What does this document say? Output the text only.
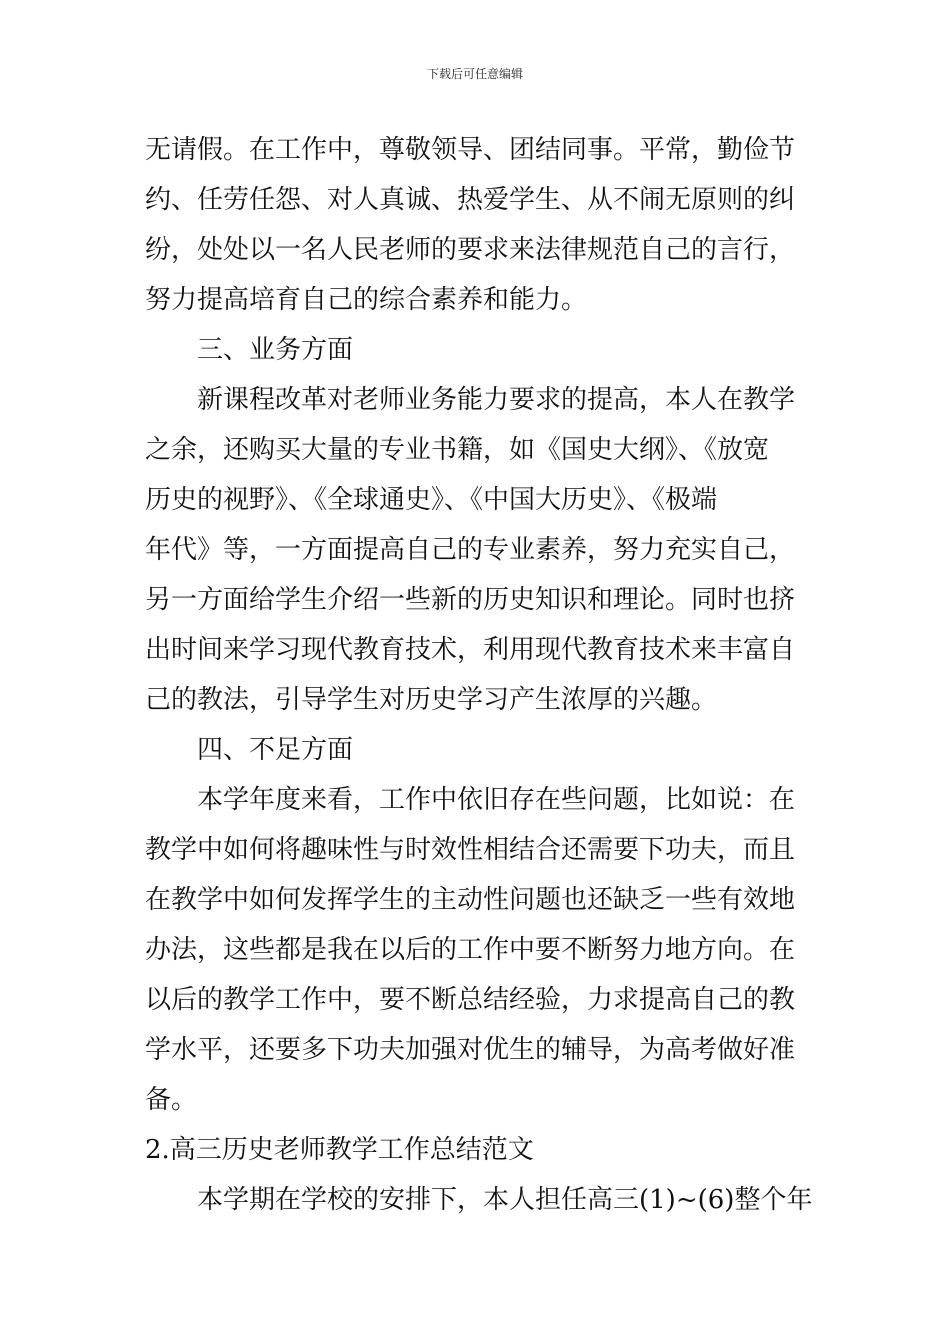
下载后可任意编辑
无请假。在工作中，尊敬领导、团结同事。平常，勤俭节
约、任劳任怨、对人真诚、热爱学生、从不闹无原则的纠
纷，处处以一名人民老师的要求来法律规范自己的言行，
努力提高培育自己的综合素养和能力。
三、业务方面
新课程改革对老师业务能力要求的提高，本人在教学
之余，还购买大量的专业书籍，如《国史大纲》、《放宽
历史的视野》、《全球通史》、《中国大历史》、《极端
年代》等，一方面提高自己的专业素养，努力充实自己，
另一方面给学生介绍一些新的历史知识和理论。同时也挤
出时间来学习现代教育技术，利用现代教育技术来丰富自
己的教法，引导学生对历史学习产生浓厚的兴趣。
四、不足方面
本学年度来看，工作中依旧存在些问题，比如说：在
教学中如何将趣味性与时效性相结合还需要下功夫，而且
在教学中如何发挥学生的主动性问题也还缺乏一些有效地
办法，这些都是我在以后的工作中要不断努力地方向。在
以后的教学工作中，要不断总结经验，力求提高自己的教
学水平，还要多下功夫加强对优生的辅导，为高考做好准
备。
2.高三历史老师教学工作总结范文
本学期在学校的安排下，本人担任高三(1)~(6)整个年
